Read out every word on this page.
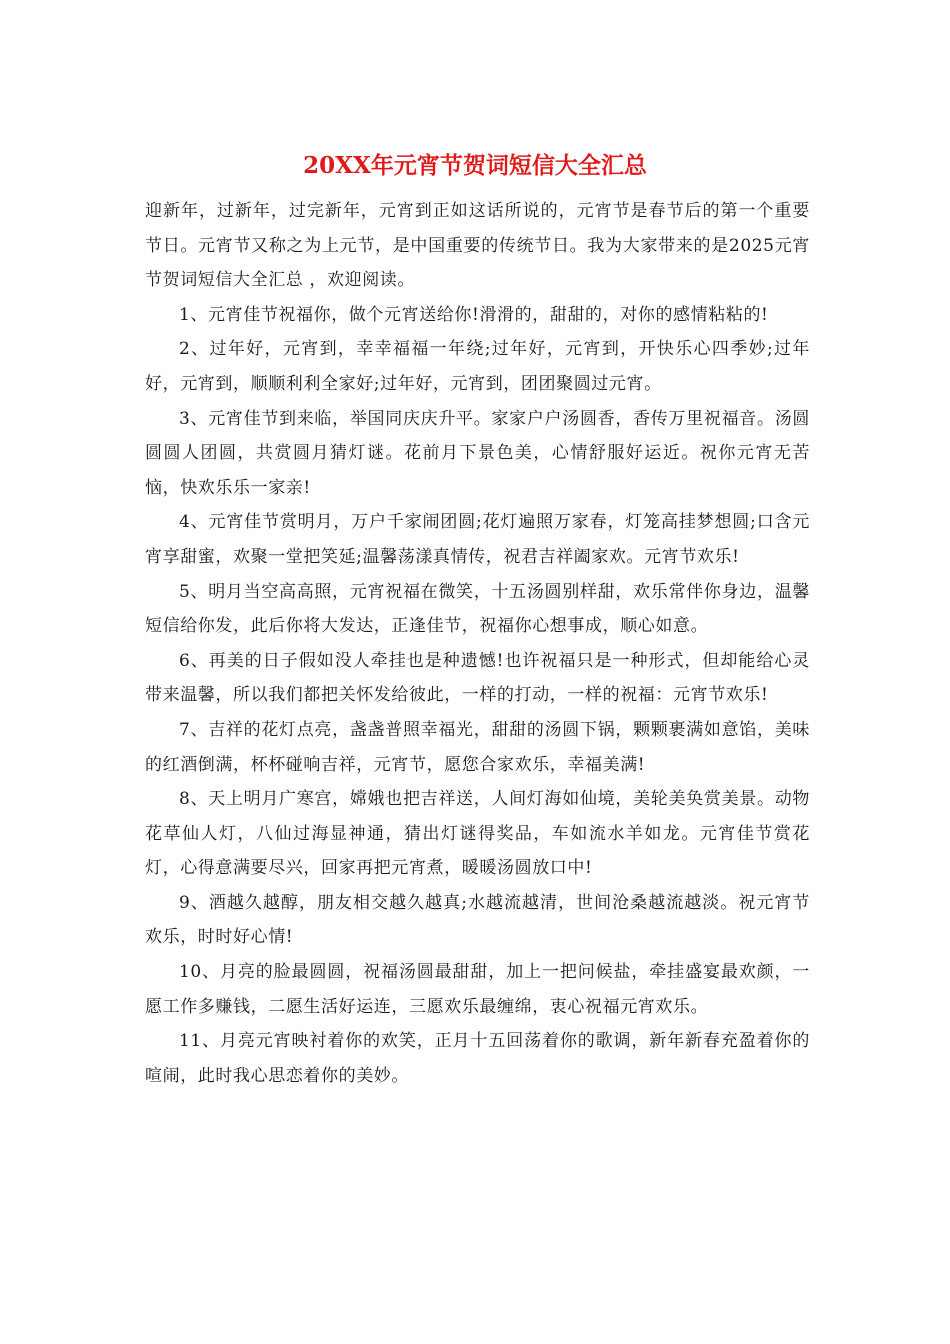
20XX年元宵节贺词短信大全汇总

迎新年，过新年，过完新年，元宵到正如这话所说的，元宵节是春节后的第一个重要节日。元宵节又称之为上元节，是中国重要的传统节日。我为大家带来的是2025元宵节贺词短信大全汇总 ，欢迎阅读。

1、元宵佳节祝福你，做个元宵送给你!滑滑的，甜甜的，对你的感情粘粘的!

2、过年好，元宵到，幸幸福福一年绕;过年好，元宵到，开快乐心四季妙;过年好，元宵到，顺顺利利全家好;过年好，元宵到，团团聚圆过元宵。

3、元宵佳节到来临，举国同庆庆升平。家家户户汤圆香，香传万里祝福音。汤圆圆圆人团圆，共赏圆月猜灯谜。花前月下景色美，心情舒服好运近。祝你元宵无苦恼，快欢乐乐一家亲!

4、元宵佳节赏明月，万户千家闹团圆;花灯遍照万家春，灯笼高挂梦想圆;口含元宵享甜蜜，欢聚一堂把笑延;温馨荡漾真情传，祝君吉祥阖家欢。元宵节欢乐!

5、明月当空高高照，元宵祝福在微笑，十五汤圆别样甜，欢乐常伴你身边，温馨短信给你发，此后你将大发达，正逢佳节，祝福你心想事成，顺心如意。

6、再美的日子假如没人牵挂也是种遗憾!也许祝福只是一种形式，但却能给心灵带来温馨，所以我们都把关怀发给彼此，一样的打动，一样的祝福：元宵节欢乐!

7、吉祥的花灯点亮，盏盏普照幸福光，甜甜的汤圆下锅，颗颗裹满如意馅，美味的红酒倒满，杯杯碰响吉祥，元宵节，愿您合家欢乐，幸福美满!

8、天上明月广寒宫，嫦娥也把吉祥送，人间灯海如仙境，美轮美奂赏美景。动物花草仙人灯，八仙过海显神通，猜出灯谜得奖品，车如流水羊如龙。元宵佳节赏花灯，心得意满要尽兴，回家再把元宵煮，暖暖汤圆放口中!

9、酒越久越醇，朋友相交越久越真;水越流越清，世间沧桑越流越淡。祝元宵节欢乐，时时好心情!

10、月亮的脸最圆圆，祝福汤圆最甜甜，加上一把问候盐，牵挂盛宴最欢颜，一愿工作多赚钱，二愿生活好运连，三愿欢乐最缠绵，衷心祝福元宵欢乐。

11、月亮元宵映衬着你的欢笑，正月十五回荡着你的歌调，新年新春充盈着你的喧闹，此时我心思恋着你的美妙。
